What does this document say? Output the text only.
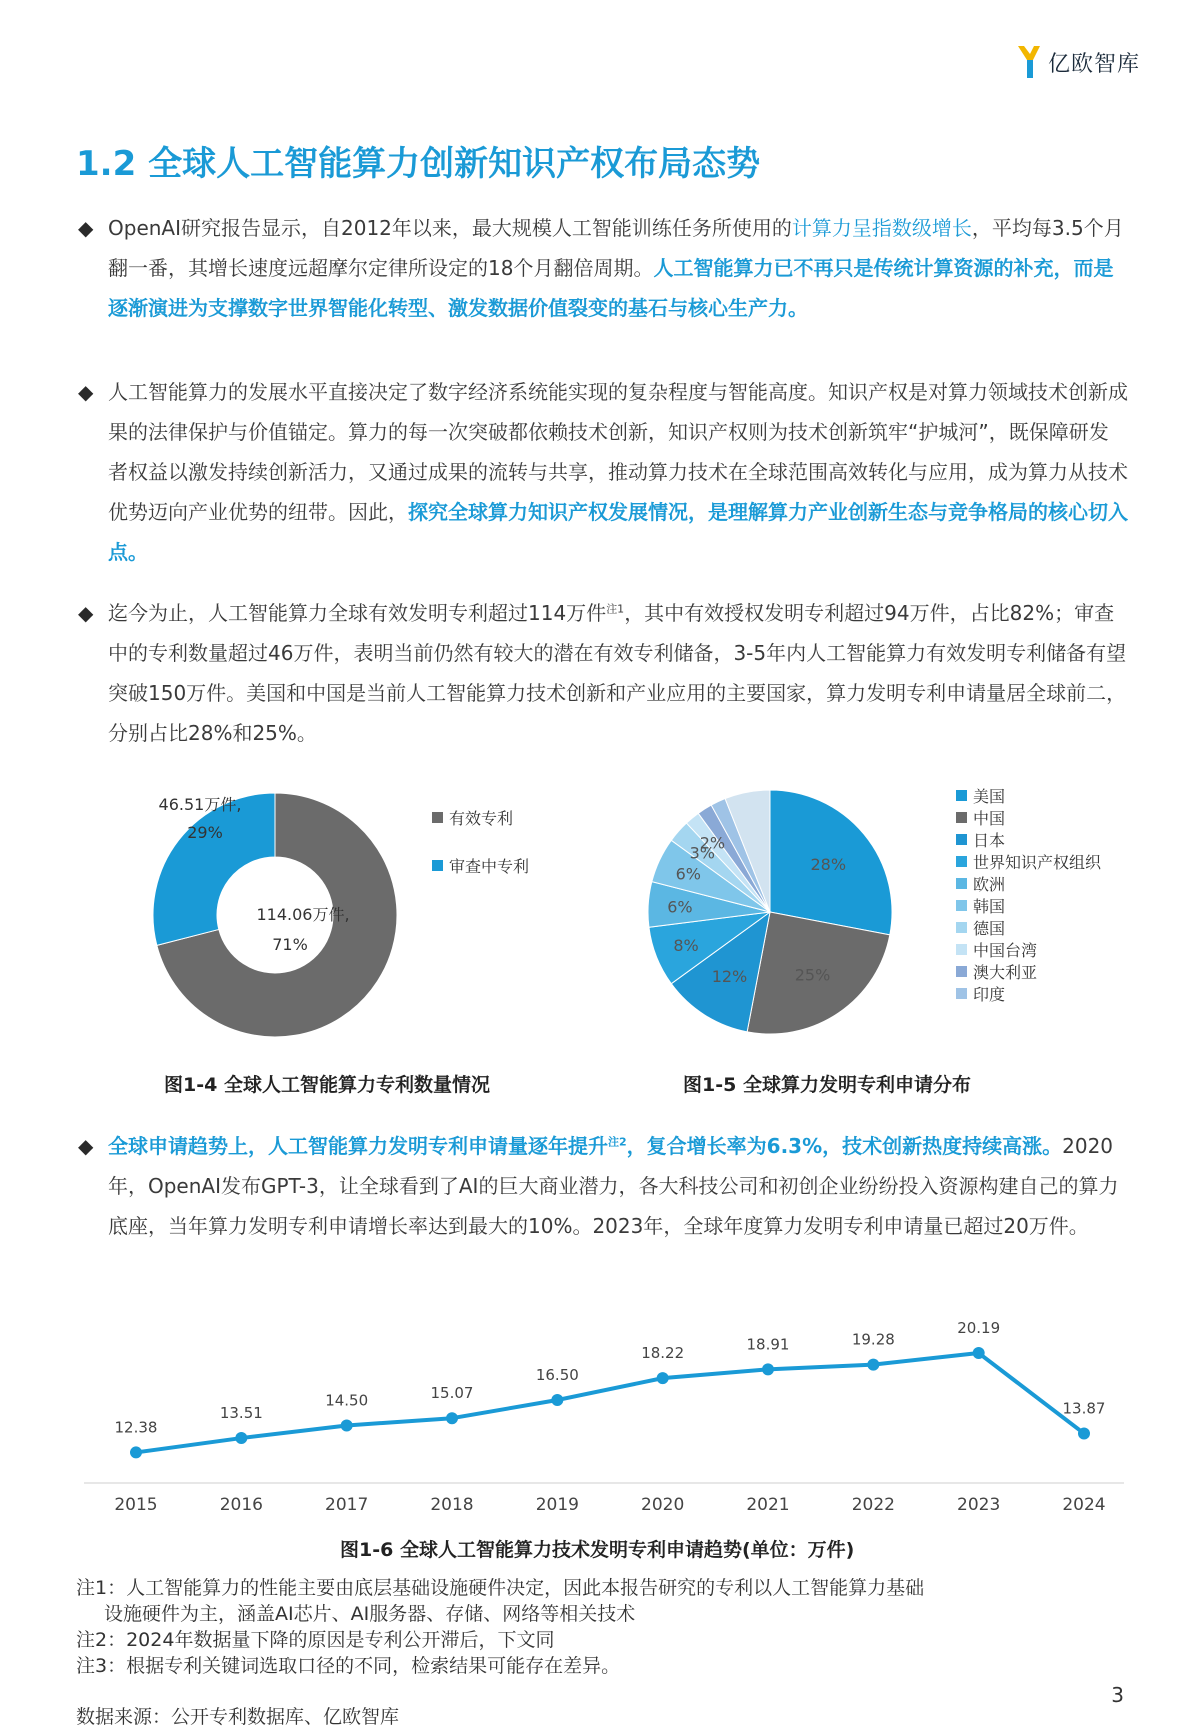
亿欧智库
1.2 全球人工智能算力创新知识产权布局态势
◆ OpenAI研究报告显示，自2012年以来，最大规模人工智能训练任务所使用的计算力呈指数级增长，平均每3.5个月翻一番，其增长速度远超摩尔定律所设定的18个月翻倍周期。人工智能算力已不再只是传统计算资源的补充，而是逐渐演进为支撑数字世界智能化转型、激发数据价值裂变的基石与核心生产力。
◆ 人工智能算力的发展水平直接决定了数字经济系统能实现的复杂程度与智能高度。知识产权是对算力领域技术创新成果的法律保护与价值锚定。算力的每一次突破都依赖技术创新，知识产权则为技术创新筑牢“护城河”，既保障研发者权益以激发持续创新活力，又通过成果的流转与共享，推动算力技术在全球范围高效转化与应用，成为算力从技术优势迈向产业优势的纽带。因此，探究全球算力知识产权发展情况，是理解算力产业创新生态与竞争格局的核心切入点。
◆ 迄今为止，人工智能算力全球有效发明专利超过114万件$^{注1}$，其中有效授权发明专利超过94万件，占比82%；审查中的专利数量超过46万件，表明当前仍然有较大的潜在有效专利储备，3-5年内人工智能算力有效发明专利储备有望突破150万件。美国和中国是当前人工智能算力技术创新和产业应用的主要国家，算力发明专利申请量居全球前二，分别占比28%和25%。
114.06万件,
71%
46.51万件,
29%
有效专利
审查中专利	28%
25%
12%
8%
6%
6%
3%
2%
美国
中国
日本
世界知识产权组织
欧洲
韩国
德国
中国台湾
澳大利亚
印度
图1-4 全球人工智能算力专利数量情况	图1-5 全球算力发明专利申请分布
◆ 全球申请趋势上，人工智能算力发明专利申请量逐年提升$^{注2}$，复合增长率为6.3%，技术创新热度持续高涨。2020年，OpenAI发布GPT-3，让全球看到了AI的巨大商业潜力，各大科技公司和初创企业纷纷投入资源构建自己的算力底座，当年算力发明专利申请增长率达到最大的10%。2023年，全球年度算力发明专利申请量已超过20万件。
12.38
13.51
14.50	15.07
16.50
18.22	18.91	19.28
20.19
13.87
2015	2016	2017	2018	2019	2020	2021	2022	2023	2024
图1-6 全球人工智能算力技术发明专利申请趋势(单位：万件)

注1：人工智能算力的性能主要由底层基础设施硬件决定，因此本报告研究的专利以人工智能算力基础

设施硬件为主，涵盖AI芯片、AI服务器、存储、网络等相关技术

注2：2024年数据量下降的原因是专利公开滞后，下文同

注3：根据专利关键词选取口径的不同，检索结果可能存在差异。

3
数据来源：公开专利数据库、亿欧智库
